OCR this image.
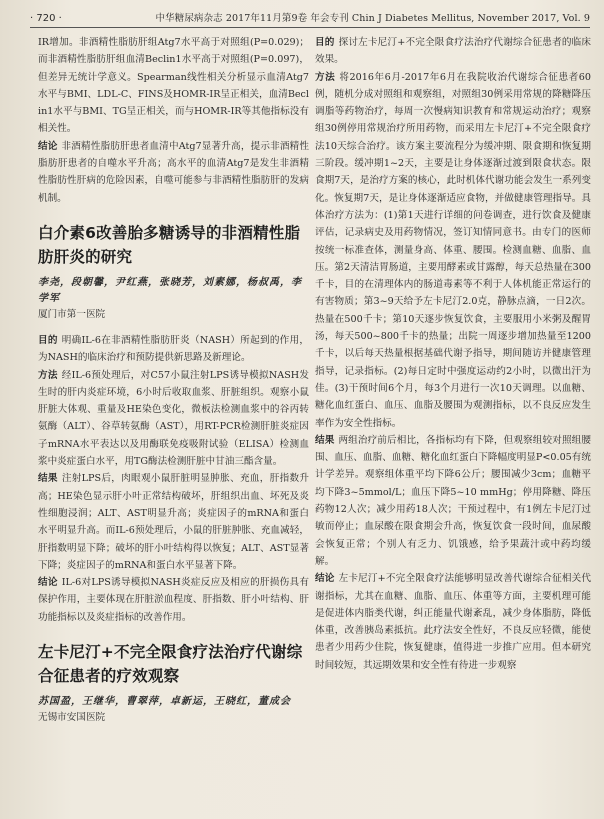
· 720 ·	中华糖尿病杂志 2017年11月第9卷 年会专刊 Chin J Diabetes Mellitus, November 2017, Vol. 9

IR增加。非酒精性脂肪肝组Atg7水平高于对照组(P=0.029)；而非酒精性脂肪肝组血清Beclin1水平高于对照组(P=0.097)，但差异无统计学意义。Spearman线性相关分析显示血清Atg7水平与BMI、LDL-C、FINS及HOMR-IR呈正相关，血清Beclin1水平与BMI、TG呈正相关，而与HOMR-IR等其他指标没有相关性。

结论 非酒精性脂肪肝患者血清中Atg7显著升高，提示非酒精性脂肪肝患者的自噬水平升高；高水平的血清Atg7是发生非酒精性脂肪性肝病的危险因素，自噬可能参与非酒精性脂肪肝的发病机制。

白介素6改善胎多糖诱导的非酒精性脂肪肝炎的研究

李尧，段朝馨，尹红燕，张晓芳，刘素娜，杨叔禹，李学军

厦门市第一医院

目的 明确IL-6在非酒精性脂肪肝炎（NASH）所起到的作用，为NASH的临床治疗和预防提供新思路及新理论。

方法 经IL-6预处理后，对C57小鼠注射LPS诱导模拟NASH发生时的肝内炎症环境，6小时后收取血浆、肝脏组织。观察小鼠肝脏大体观、重量及HE染色变化，微板法检测血浆中的谷丙转氨酶（ALT）、谷草转氨酶（AST），用RT-PCR检测肝脏炎症因子mRNA水平表达以及用酶联免疫吸附试验（ELISA）检测血浆中炎症蛋白水平，用TG酶法检测肝脏中甘油三酯含量。

结果 注射LPS后，肉眼观小鼠肝脏明显肿胀、充血，肝指数升高；HE染色显示肝小叶正常结构破坏，肝组织出血、坏死及炎性细胞浸润；ALT、AST明显升高；炎症因子的mRNA和蛋白水平明显升高。而IL-6预处理后，小鼠的肝脏肿胀、充血减轻，肝指数明显下降；破坏的肝小叶结构得以恢复；ALT、AST显著下降；炎症因子的mRNA和蛋白水平显著下降。

结论 IL-6对LPS诱导模拟NASH炎症反应及相应的肝损伤具有保护作用，主要体现在肝脏淤血程度、肝指数、肝小叶结构、肝功能指标以及炎症指标的改善作用。

左卡尼汀+不完全限食疗法治疗代谢综合征患者的疗效观察

苏国盈，王继华，曹翠萍，卓新运，王晓红，董成会

无锡市安国医院

目的 探讨左卡尼汀+不完全限食疗法治疗代谢综合征患者的临床效果。

方法 将2016年6月-2017年6月在我院收治代谢综合征患者60例，随机分成对照组和观察组，对照组30例采用常规的降糖降压调脂等药物治疗，每周一次慢病知识教育和常规运动治疗；观察组30例停用常规治疗所用药物，而采用左卡尼汀+不完全限食疗法10天综合治疗。该方案主要流程分为缓冲期、限食期和恢复期三阶段。缓冲期1~2天，主要是让身体逐渐过渡到限食状态。限食期7天，是治疗方案的核心，此时机体代谢功能会发生一系列变化。恢复期7天，是让身体逐渐适应食物，并做健康管理指导。具体治疗方法为：(1)第1天进行详细的问卷调查，进行饮食及健康评估，记录病史及用药物情况，签订知情同意书。由专门的医师按统一标准查体，测量身高、体重、腰围。检测血糖、血脂、血压。第2天清洁胃肠道，主要用酵素或甘露醇，每天总热量在300千卡，目的在清理体内的肠道毒素等不利于人体机能正常运行的有害物质；第3~9天给予左卡尼汀2.0克，静脉点滴，一日2次。热量在500千卡；第10天逐步恢复饮食，主要服用小米粥及醒胃汤，每天500~800千卡的热量；出院一周逐步增加热量至1200千卡，以后每天热量根据基础代谢予指导，期间随访并健康管理指导，记录指标。(2)每日定时中强度运动约2小时，以微出汗为佳。(3)干预时间6个月，每3个月进行一次10天调理。以血糖、糖化血红蛋白、血压、血脂及腰围为观测指标，以不良反应发生率作为安全性指标。

结果 两组治疗前后相比，各指标均有下降，但观察组较对照组腰围、血压、血脂、血糖、糖化血红蛋白下降幅度明显P<0.05有统计学差异。观察组体重平均下降6公斤；腰围减少3cm；血糖平均下降3~5mmol/L；血压下降5~10 mmHg；停用降糖、降压药物12人次；减少用药18人次；干预过程中，有1例左卡尼汀过敏而停止；血尿酸在限食期会升高，恢复饮食一段时间，血尿酸会恢复正常；个别人有乏力、饥饿感，给予果蔬汁或中药均缓解。

结论 左卡尼汀+不完全限食疗法能够明显改善代谢综合征相关代谢指标，尤其在血糖、血脂、血压、体重等方面，主要机理可能是促进体内脂类代谢，纠正能量代谢紊乱，减少身体脂肪，降低体重，改善胰岛素抵抗。此疗法安全性好，不良反应轻微，能使患者少用药少住院，恢复健康，值得进一步推广应用。但本研究时间较短，其远期效果和安全性有待进一步观察
